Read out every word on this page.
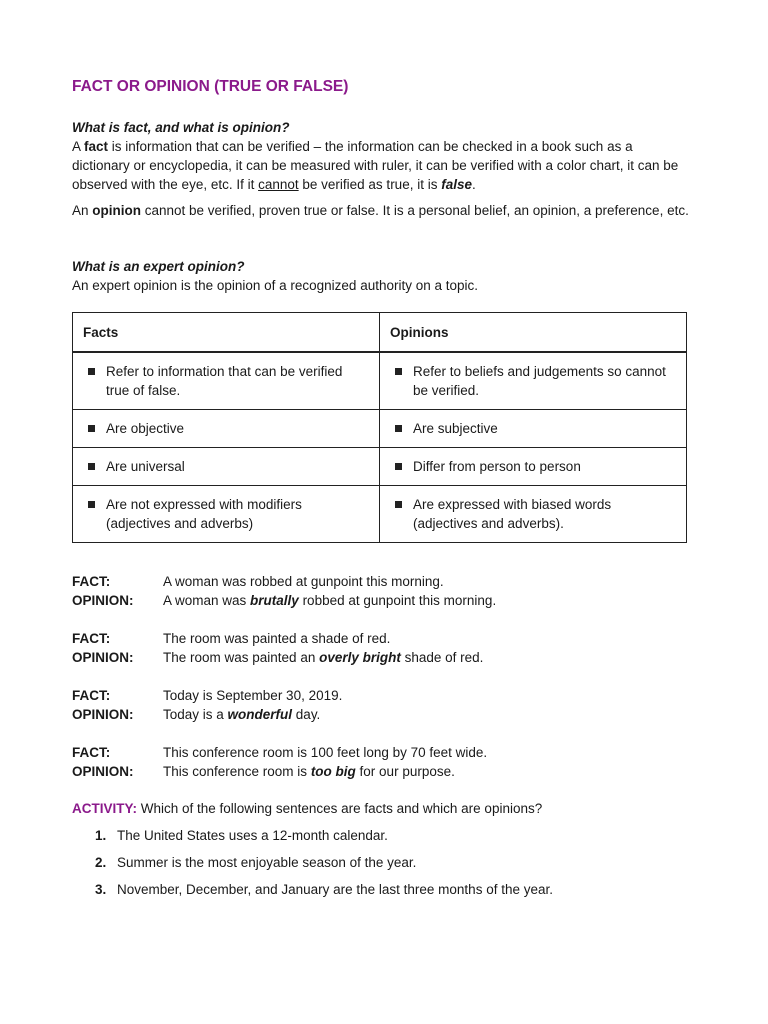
FACT OR OPINION (TRUE OR FALSE)
What is fact, and what is opinion?
A fact is information that can be verified – the information can be checked in a book such as a dictionary or encyclopedia, it can be measured with ruler, it can be verified with a color chart, it can be observed with the eye, etc. If it cannot be verified as true, it is false.
An opinion cannot be verified, proven true or false. It is a personal belief, an opinion, a preference, etc.
What is an expert opinion?
An expert opinion is the opinion of a recognized authority on a topic.
Facts	Opinions

Refer to information that can be verified true of false.	Refer to beliefs and judgements so cannot be verified.

Are objective	Are subjective

Are universal	Differ from person to person

Are not expressed with modifiers (adjectives and adverbs)	Are expressed with biased words (adjectives and adverbs).
FACT:	A woman was robbed at gunpoint this morning.
OPINION: A woman was brutally robbed at gunpoint this morning.
FACT:	The room was painted a shade of red.
OPINION: The room was painted an overly bright shade of red.
FACT:	Today is September 30, 2019.
OPINION: Today is a wonderful day.
FACT:	This conference room is 100 feet long by 70 feet wide.
OPINION: This conference room is too big for our purpose.
ACTIVITY: Which of the following sentences are facts and which are opinions?
1. The United States uses a 12-month calendar.
2. Summer is the most enjoyable season of the year.
3. November, December, and January are the last three months of the year.
